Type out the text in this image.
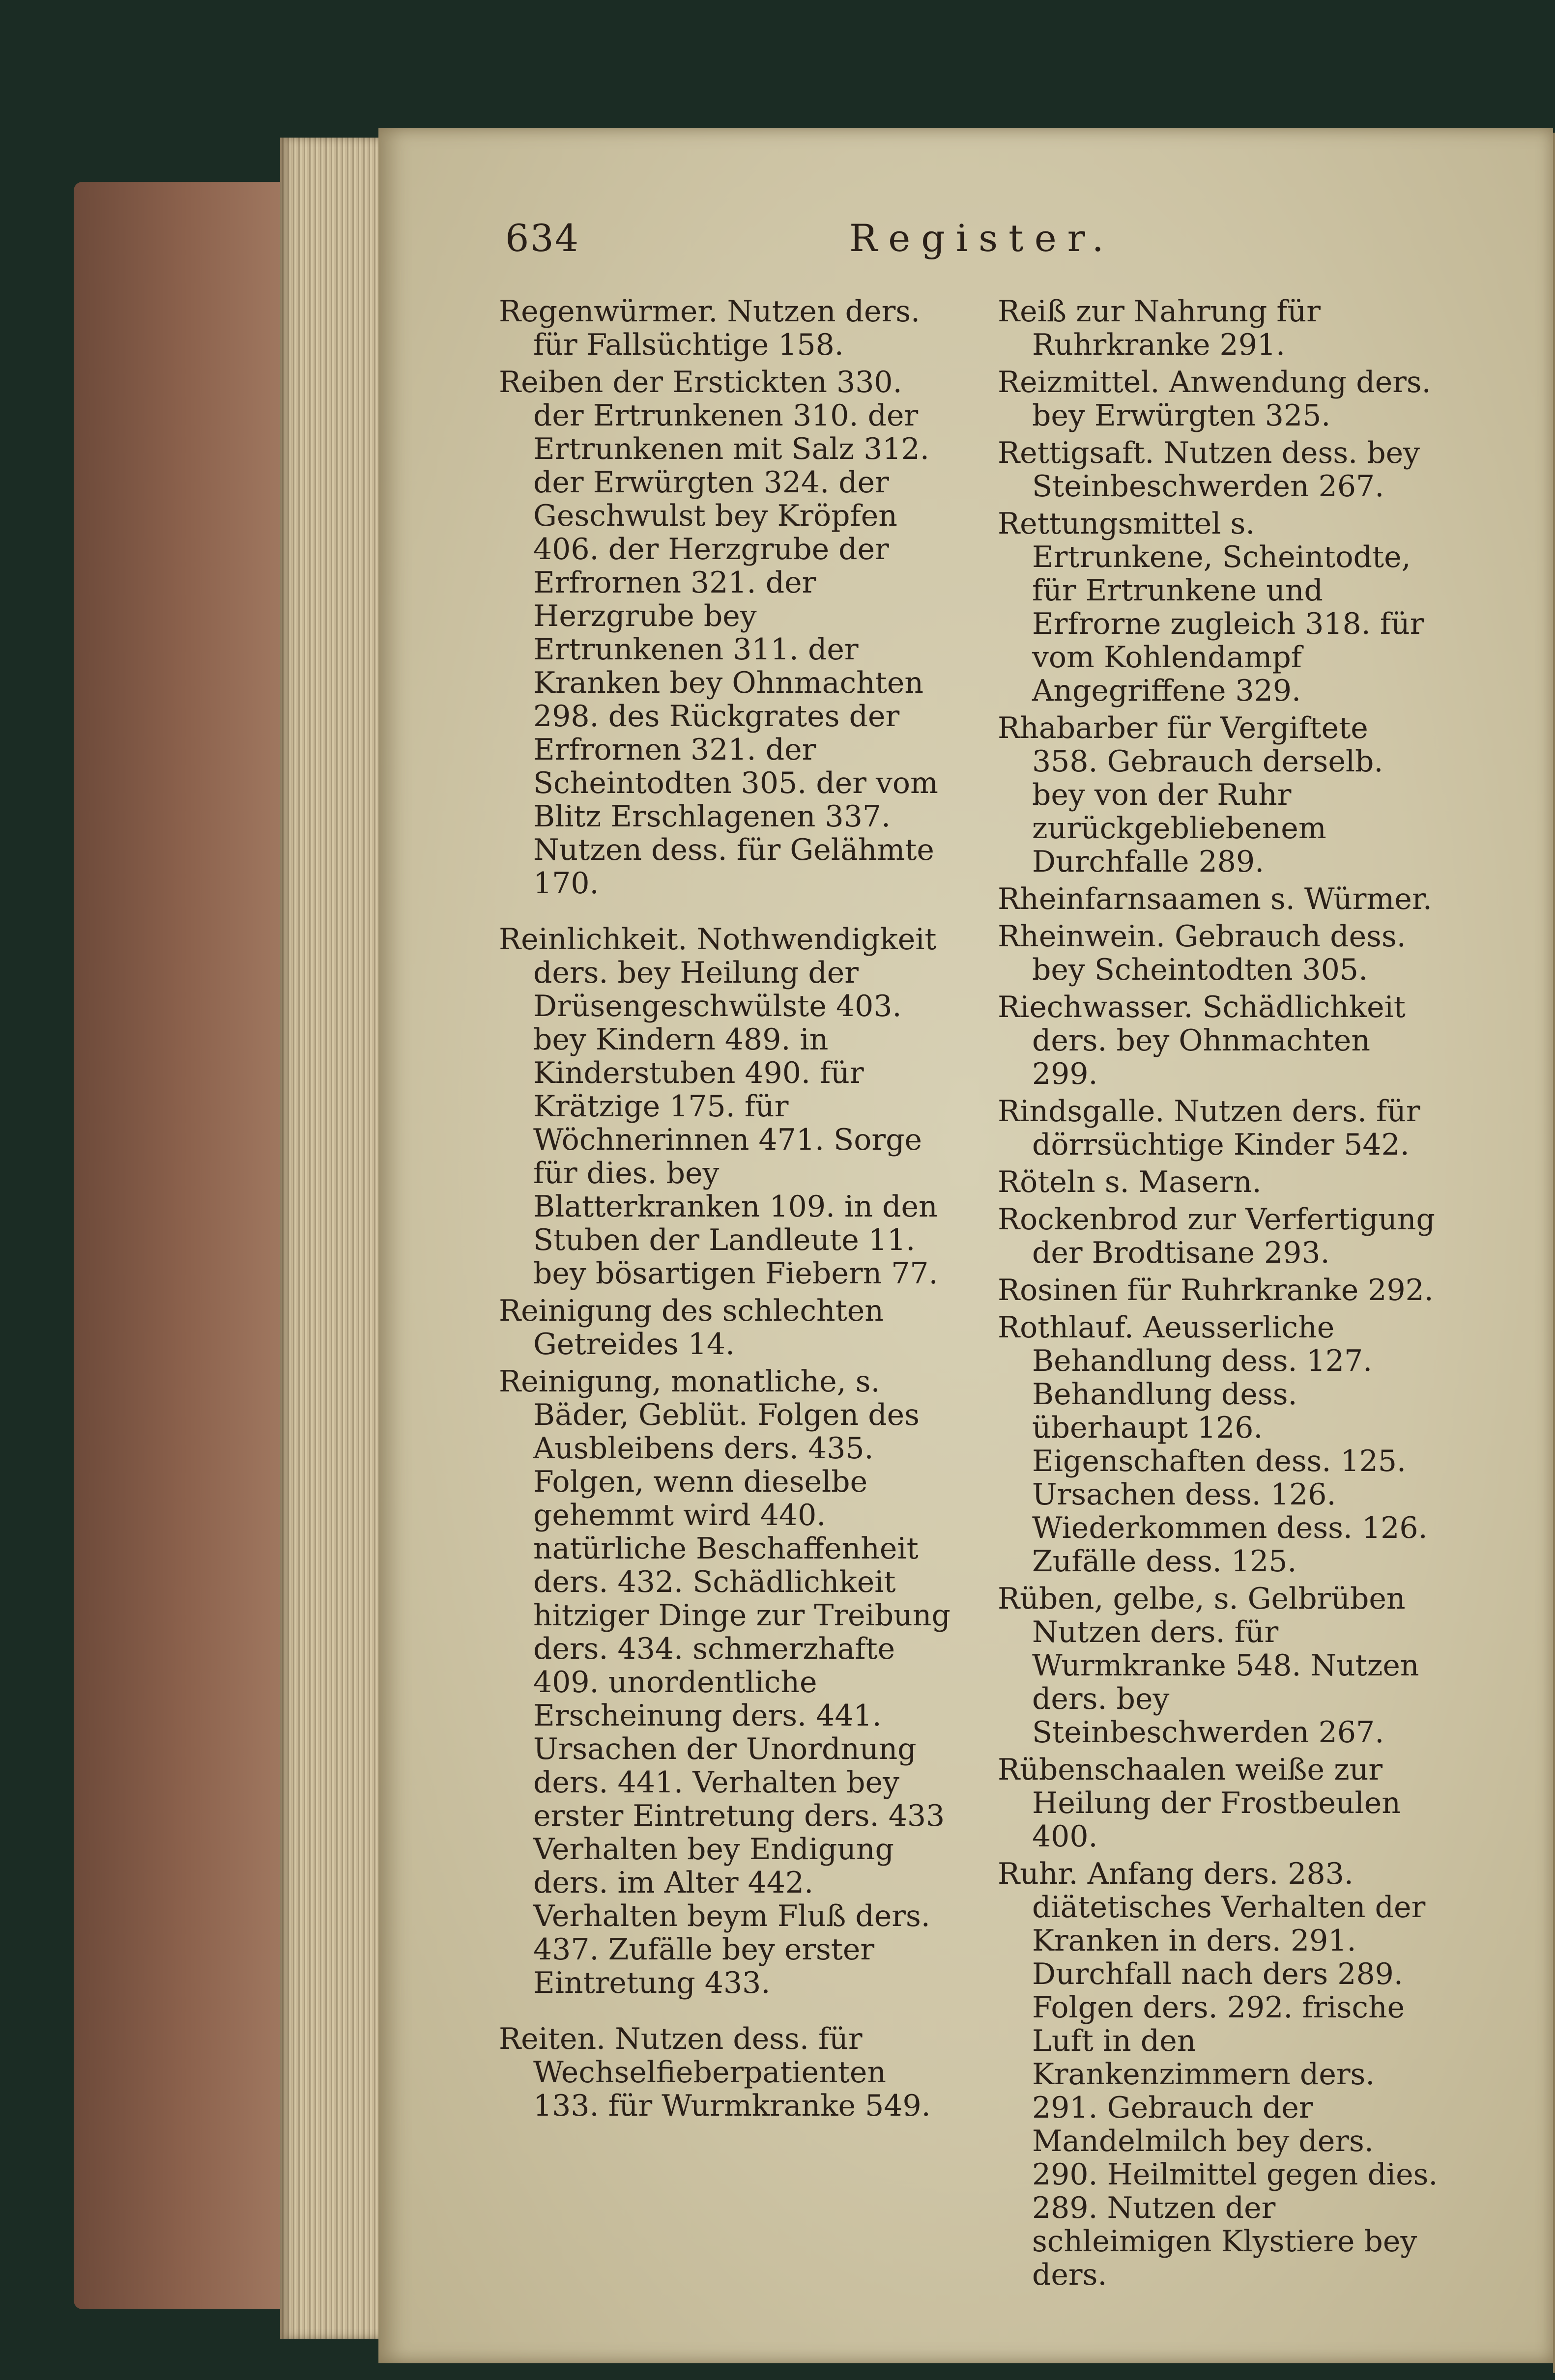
634	Register.

Regenwürmer. Nutzen ders. für Fallsüchtige 158.

Reiben der Erstickten 330. der Ertrunkenen 310. der Ertrunkenen mit Salz 312. der Erwürgten 324. der Geschwulst bey Kröpfen 406. der Herzgrube der Erfrornen 321. der Herzgrube bey Ertrunkenen 311. der Kranken bey Ohnmachten 298. des Rückgrates der Erfrornen 321. der Scheintodten 305. der vom Blitz Erschlagenen 337. Nutzen dess. für Gelähmte 170.

Reinlichkeit. Nothwendigkeit ders. bey Heilung der Drüsengeschwülste 403. bey Kindern 489. in Kinderstuben 490. für Krätzige 175. für Wöchnerinnen 471. Sorge für dies. bey Blatterkranken 109. in den Stuben der Landleute 11. bey bösartigen Fiebern 77.

Reinigung des schlechten Getreides 14.

Reinigung, monatliche, s. Bäder, Geblüt. Folgen des Ausbleibens ders. 435. Folgen, wenn dieselbe gehemmt wird 440. natürliche Beschaffenheit ders. 432. Schädlichkeit hitziger Dinge zur Treibung ders. 434. schmerzhafte 409. unordentliche Erscheinung ders. 441. Ursachen der Unordnung ders. 441. Verhalten bey erster Eintretung ders. 433 Verhalten bey Endigung ders. im Alter 442. Verhalten beym Fluß ders. 437. Zufälle bey erster Eintretung 433.

Reiten. Nutzen dess. für Wechselfieberpatienten 133. für Wurmkranke 549.

Reiß zur Nahrung für Ruhrkranke 291.

Reizmittel. Anwendung ders. bey Erwürgten 325.

Rettigsaft. Nutzen dess. bey Steinbeschwerden 267.

Rettungsmittel s. Ertrunkene, Scheintodte, für Ertrunkene und Erfrorne zugleich 318. für vom Kohlendampf Angegriffene 329.

Rhabarber für Vergiftete 358. Gebrauch derselb. bey von der Ruhr zurückgebliebenem Durchfalle 289.

Rheinfarnsaamen s. Würmer.

Rheinwein. Gebrauch dess. bey Scheintodten 305.

Riechwasser. Schädlichkeit ders. bey Ohnmachten 299.

Rindsgalle. Nutzen ders. für dörrsüchtige Kinder 542.

Röteln s. Masern.

Rockenbrod zur Verfertigung der Brodtisane 293.

Rosinen für Ruhrkranke 292.

Rothlauf. Aeusserliche Behandlung dess. 127. Behandlung dess. überhaupt 126. Eigenschaften dess. 125. Ursachen dess. 126. Wiederkommen dess. 126. Zufälle dess. 125.

Rüben, gelbe, s. Gelbrüben Nutzen ders. für Wurmkranke 548. Nutzen ders. bey Steinbeschwerden 267.

Rübenschaalen weiße zur Heilung der Frostbeulen 400.

Ruhr. Anfang ders. 283. diätetisches Verhalten der Kranken in ders. 291. Durchfall nach ders 289. Folgen ders. 292. frische Luft in den Krankenzimmern ders. 291. Gebrauch der Mandelmilch bey ders. 290. Heilmittel gegen dies. 289. Nutzen der schleimigen Klystiere bey ders.
